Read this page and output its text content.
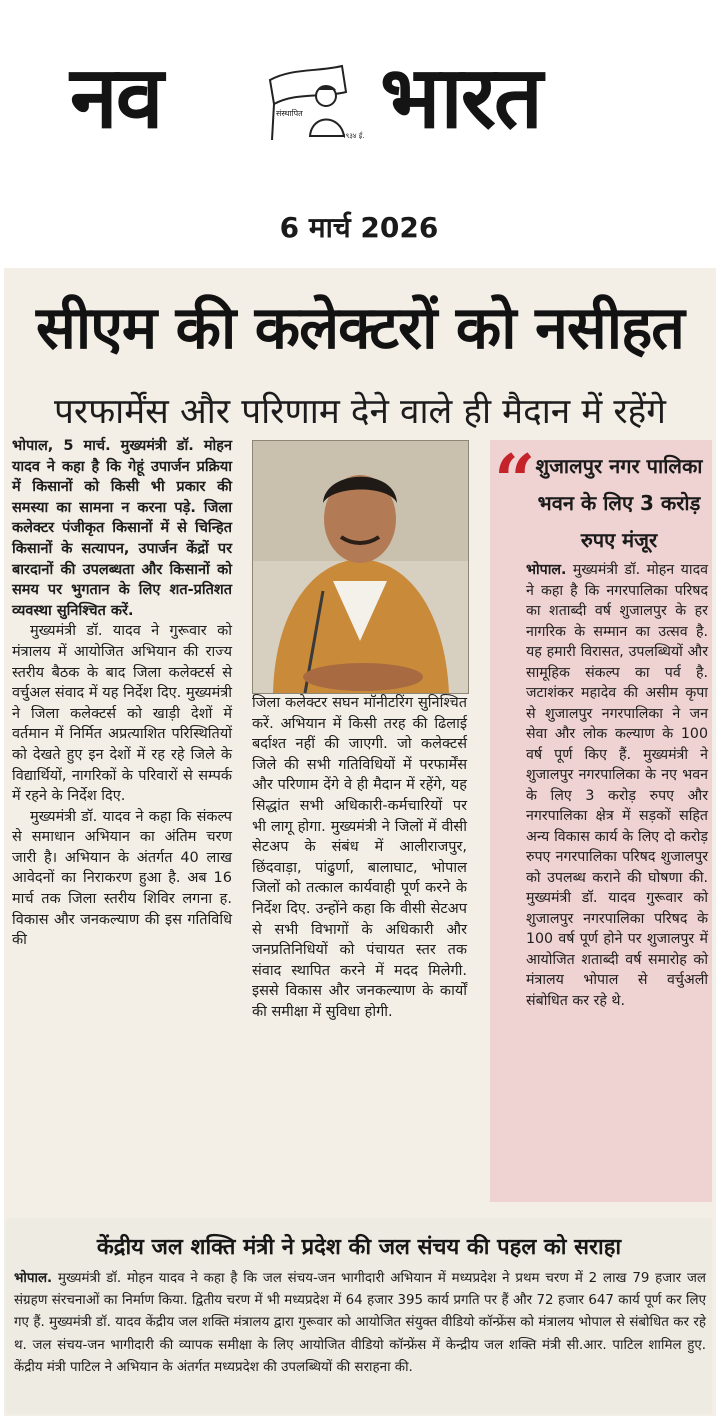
नव	संस्थापित
१९३४ ई. भारत
6 मार्च 2026
सीएम की कलेक्टरों को नसीहत
परफार्मेंस और परिणाम देने वाले ही मैदान में रहेंगे

भोपाल, 5 मार्च. मुख्यमंत्री डॉ. मोहन यादव ने कहा है कि गेहूं उपार्जन प्रक्रिया में किसानों को किसी भी प्रकार की समस्या का सामना न करना पड़े. जिला कलेक्टर पंजीकृत किसानों में से चिन्हित किसानों के सत्यापन, उपार्जन केंद्रों पर बारदानों की उपलब्धता और किसानों को समय पर भुगतान के लिए शत-प्रतिशत व्यवस्था सुनिश्चित करें.

मुख्यमंत्री डॉ. यादव ने गुरूवार को मंत्रालय में आयोजित अभियान की राज्य स्तरीय बैठक के बाद जिला कलेक्टर्स से वर्चुअल संवाद में यह निर्देश दिए. मुख्यमंत्री ने जिला कलेक्टर्स को खाड़ी देशों में वर्तमान में निर्मित अप्रत्याशित परिस्थितियों को देखते हुए इन देशों में रह रहे जिले के विद्यार्थियों, नागरिकों के परिवारों से सम्पर्क में रहने के निर्देश दिए.

मुख्यमंत्री डॉ. यादव ने कहा कि संकल्प से समाधान अभियान का अंतिम चरण जारी है। अभियान के अंतर्गत 40 लाख आवेदनों का निराकरण हुआ है. अब 16 मार्च तक जिला स्तरीय शिविर लगना ह. विकास और जनकल्याण की इस गतिविधि की

जिला कलेक्टर सघन मॉनीटरिंग सुनिश्चित करें. अभियान में किसी तरह की ढिलाई बर्दाश्त नहीं की जाएगी. जो कलेक्टर्स जिले की सभी गतिविधियों में परफार्मेंस और परिणाम देंगे वे ही मैदान में रहेंगे, यह सिद्धांत सभी अधिकारी-कर्मचारियों पर भी लागू होगा. मुख्यमंत्री ने जिलों में वीसी सेटअप के संबंध में आलीराजपुर, छिंदवाड़ा, पांढुर्णा, बालाघाट, भोपाल जिलों को तत्काल कार्यवाही पूर्ण करने के निर्देश दिए. उन्होंने कहा कि वीसी सेटअप से सभी विभागों के अधिकारी और जनप्रतिनिधियों को पंचायत स्तर तक संवाद स्थापित करने में मदद मिलेगी. इससे विकास और जनकल्याण के कार्यों की समीक्षा में सुविधा होगी.

“ शुजालपुर नगर पालिका भवन के लिए 3 करोड़ रुपए मंजूर
भोपाल. मुख्यमंत्री डॉ. मोहन यादव ने कहा है कि नगरपालिका परिषद का शताब्दी वर्ष शुजालपुर के हर नागरिक के सम्मान का उत्सव है. यह हमारी विरासत, उपलब्धियों और सामूहिक संकल्प का पर्व है. जटाशंकर महादेव की असीम कृपा से शुजालपुर नगरपालिका ने जन सेवा और लोक कल्याण के 100 वर्ष पूर्ण किए हैं. मुख्यमंत्री ने शुजालपुर नगरपालिका के नए भवन के लिए 3 करोड़ रुपए और नगरपालिका क्षेत्र में सड़कों सहित अन्य विकास कार्य के लिए दो करोड़ रुपए नगरपालिका परिषद शुजालपुर को उपलब्ध कराने की घोषणा की. मुख्यमंत्री डॉ. यादव गुरूवार को शुजालपुर नगरपालिका परिषद के 100 वर्ष पूर्ण होने पर शुजालपुर में आयोजित शताब्दी वर्ष समारोह को मंत्रालय भोपाल से वर्चुअली संबोधित कर रहे थे.
केंद्रीय जल शक्ति मंत्री ने प्रदेश की जल संचय की पहल को सराहा
भोपाल. मुख्यमंत्री डॉ. मोहन यादव ने कहा है कि जल संचय-जन भागीदारी अभियान में मध्यप्रदेश ने प्रथम चरण में 2 लाख 79 हजार जल संग्रहण संरचनाओं का निर्माण किया. द्वितीय चरण में भी मध्यप्रदेश में 64 हजार 395 कार्य प्रगति पर हैं और 72 हजार 647 कार्य पूर्ण कर लिए गए हैं. मुख्यमंत्री डॉ. यादव केंद्रीय जल शक्ति मंत्रालय द्वारा गुरूवार को आयोजित संयुक्त वीडियो कॉन्फ्रेंस को मंत्रालय भोपाल से संबोधित कर रहे थ. जल संचय-जन भागीदारी की व्यापक समीक्षा के लिए आयोजित वीडियो कॉन्फ्रेंस में केन्द्रीय जल शक्ति मंत्री सी.आर. पाटिल शामिल हुए. केंद्रीय मंत्री पाटिल ने अभियान के अंतर्गत मध्यप्रदेश की उपलब्धियों की सराहना की.
